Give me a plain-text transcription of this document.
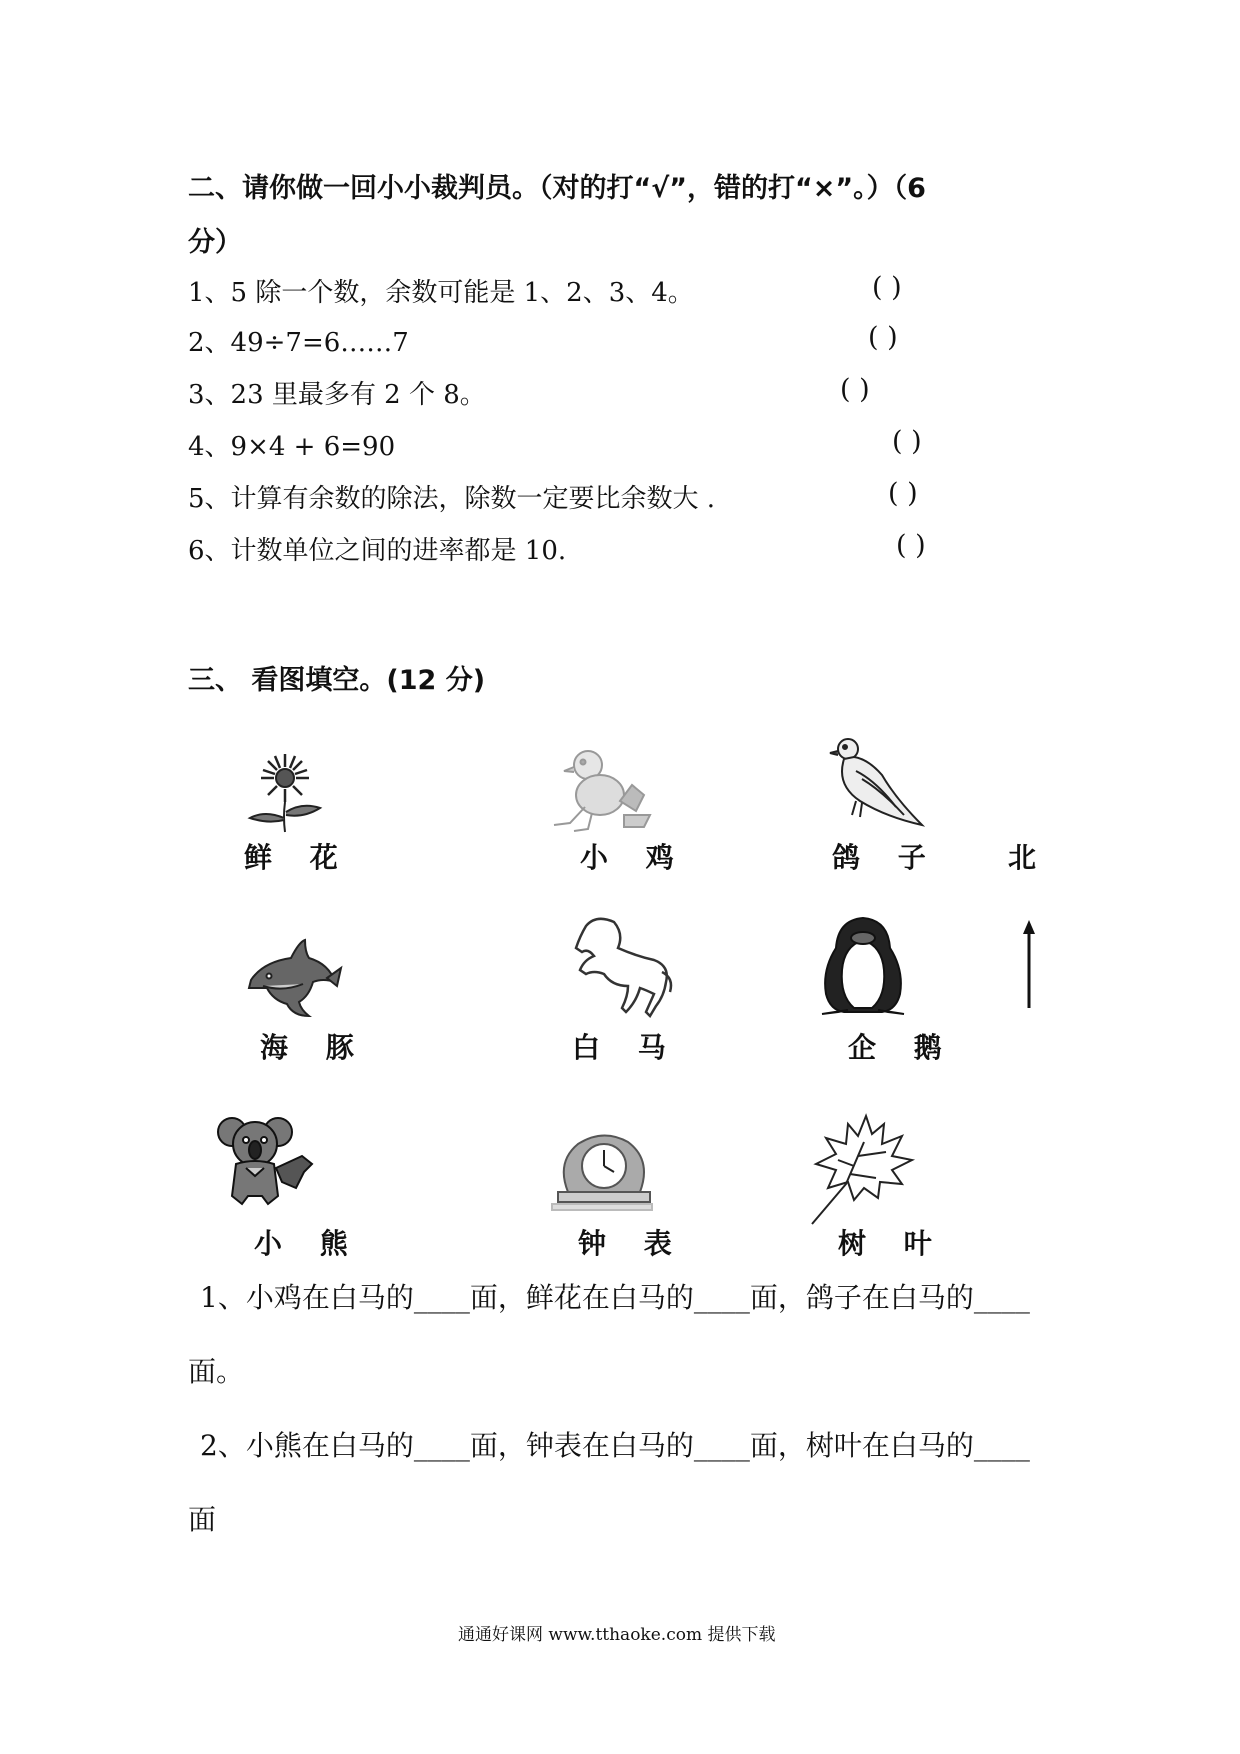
二、请你做一回小小裁判员。（对的打“√”，错的打“×”。）（6
分）
1、5 除一个数，余数可能是 1、2、3、4。	( )
2、49÷7=6……7	( )
3、23 里最多有 2 个 8。	( )
4、9×4 + 6=90	( )
5、计算有余数的除法，除数一定要比余数大 .	( )
6、计数单位之间的进率都是 10.	( )
三、 看图填空。(12 分)
鲜 花	小 鸡	鸽 子 北
海 豚	白 马	企 鹅
小 熊	钟 表	树 叶
1、小鸡在白马的____面，鲜花在白马的____面，鸽子在白马的____
面。
2、小熊在白马的____面，钟表在白马的____面，树叶在白马的____
面
通通好课网 www.tthaoke.com 提供下载
